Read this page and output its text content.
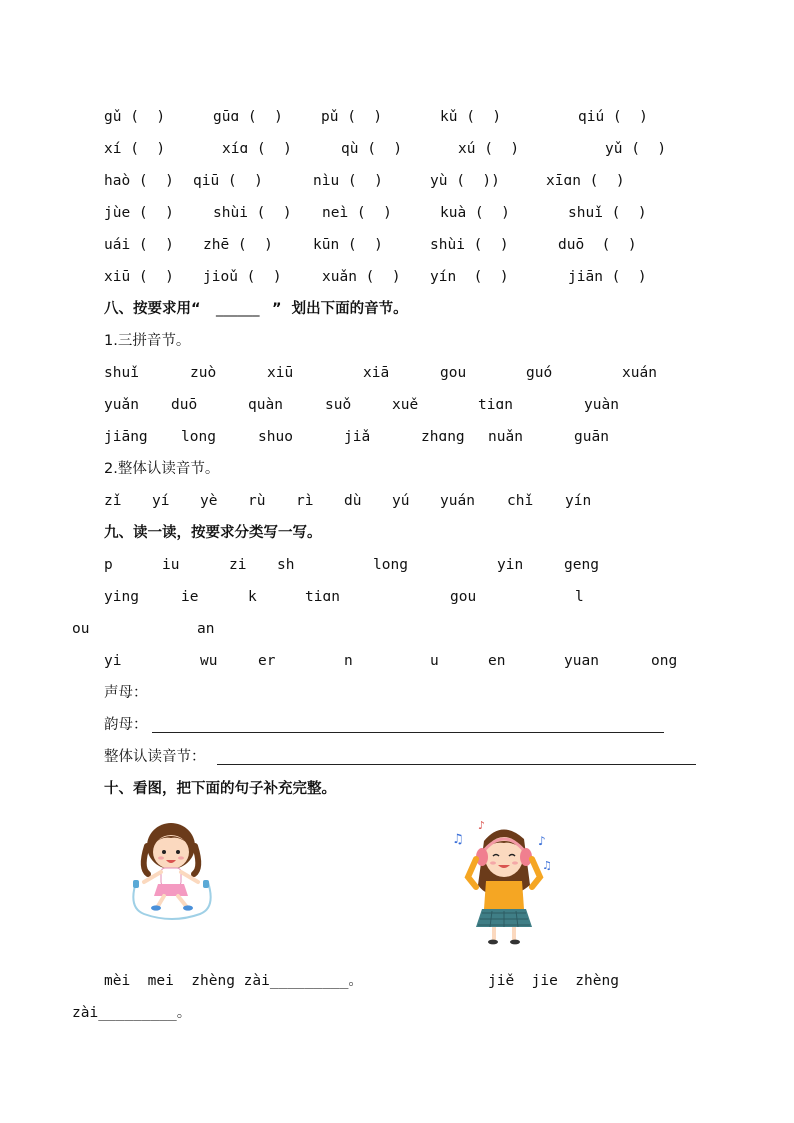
gǔ (  )	gūɑ (  )	pǔ (  )	kǔ (  )	qiú (  )
xí (  )	xíɑ (  )	qù (  )	xú (  )	yǔ (  )
haò (  ) qiū (  )	nìu (  )	yù (  ))	xīɑn (  )
jùe (  )	shùi (  ) neì (  )	kuà (  )	shuǐ (  )
uái (  ) zhē (  )	kūn (  )	shùi (  )	duō  (  )
xiū (  ) jioǔ (  )	xuǎn (  ) yín  (  )	jiān (  )
八、按要求用“ ______ ”  划出下面的音节。
1.三拼音节。
shuǐ	zuò	xiū	xiā	gou	guó	xuán
yuǎn duō	quàn	suǒ	xuě	tiɑn	yuàn
jiāng long	shuo	jiǎ	zhɑng nuǎn	guān
2.整体认读音节。
zǐ yí yè rù rì dù yú yuán chǐ yín
九、读一读，按要求分类写一写。
p	iu	zi sh	long	yin	geng
ying	ie	k	tiɑn	gou	l
ou	an
yi	wu	er	n	u	en	yuan	ong
声母：
韵母：
整体认读音节：
十、看图，把下面的句子补充完整。
♫
♪
♪
♫
mèi  mei  zhèng zài_________。	jiě  jie  zhèng
zài_________。
